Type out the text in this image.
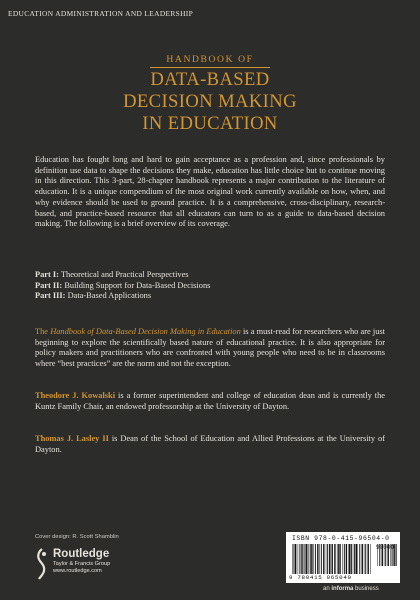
EDUCATION ADMINISTRATION AND LEADERSHIP
HANDBOOK OF
DATA-BASED
DECISION MAKING
IN EDUCATION
Education has fought long and hard to gain acceptance as a profession and, since professionals by definition use data to shape the decisions they make, education has little choice but to continue moving in this direction. This 3-part, 28-chapter handbook represents a major contribution to the literature of education. It is a unique compendium of the most original work currently available on how, when, and why evidence should be used to ground practice. It is a comprehensive, cross-disciplinary, research-based, and practice-based resource that all educators can turn to as a guide to data-based decision making. The following is a brief overview of its coverage.
Part I: Theoretical and Practical Perspectives
Part II: Building Support for Data-Based Decisions
Part III: Data-Based Applications
The Handbook of Data-Based Decision Making in Education is a must-read for researchers who are just beginning to explore the scientifically based nature of educational practice. It is also appropriate for policy makers and practitioners who are confronted with young people who need to be in classrooms where “best practices” are the norm and not the exception.
Theodore J. Kowalski is a former superintendent and college of education dean and is currently the Kuntz Family Chair, an endowed professorship at the University of Dayton.
Thomas J. Lasley II is Dean of the School of Education and Allied Professions at the University of Dayton.
Cover design: R. Scott Shamblin
Routledge
Taylor & Francis Group
www.routledge.com
ISBN 978-0-415-96504-0
9 780415 965040
90000
an informa business
